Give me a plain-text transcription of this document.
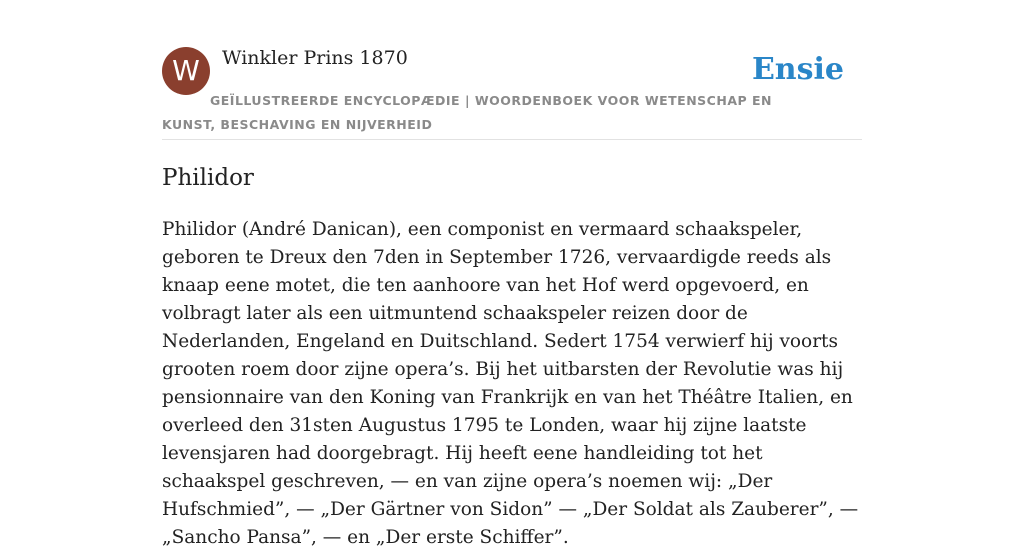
W	Winkler Prins 1870	Ensie
GEÏLLUSTREERDE ENCYCLOPÆDIE | WOORDENBOEK VOOR WETENSCHAP EN KUNST, BESCHAVING EN NIJVERHEID
Philidor

Philidor (André Danican), een componist en vermaard schaakspeler, geboren te Dreux den 7den in September 1726, vervaardigde reeds als knaap eene motet, die ten aanhoore van het Hof werd opgevoerd, en volbragt later als een uitmuntend schaakspeler reizen door de Nederlanden, Engeland en Duitschland. Sedert 1754 verwierf hij voorts grooten roem door zijne opera’s. Bij het uitbarsten der Revolutie was hij pensionnaire van den Koning van Frankrijk en van het Théâtre Italien, en overleed den 31sten Augustus 1795 te Londen, waar hij zijne laatste levensjaren had doorgebragt. Hij heeft eene handleiding tot het schaakspel geschreven, — en van zijne opera’s noemen wij: „Der Hufschmied”, — „Der Gärtner von Sidon” — „Der Soldat als Zauberer”, — „Sancho Pansa”, — en „Der erste Schiffer”.
